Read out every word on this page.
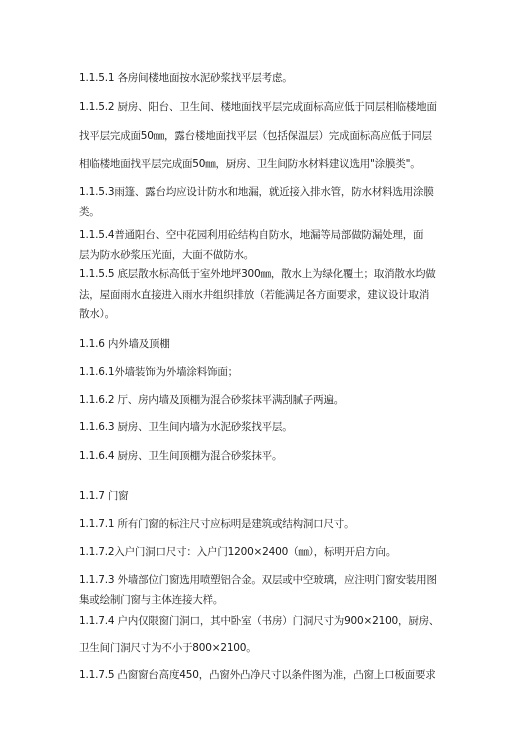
1.1.5.1 各房间楼地面按水泥砂浆找平层考虑。
1.1.5.2 厨房、阳台、卫生间、楼地面找平层完成面标高应低于同层相临楼地面
找平层完成面50㎜，露台楼地面找平层（包括保温层）完成面标高应低于同层
相临楼地面找平层完成面50㎜，厨房、卫生间防水材料建议选用"涂膜类"。
1.1.5.3雨篷、露台均应设计防水和地漏，就近接入排水管，防水材料选用涂膜
类。
1.1.5.4普通阳台、空中花园利用砼结构自防水，地漏等局部做防漏处理，面
层为防水砂浆压光面，大面不做防水。
1.1.5.5 底层散水标高低于室外地坪300㎜，散水上为绿化覆土；取消散水均做
法，屋面雨水直接进入雨水井组织排放（若能满足各方面要求，建议设计取消
散水）。
1.1.6 内外墙及顶棚
1.1.6.1外墙装饰为外墙涂料饰面；
1.1.6.2 厅、房内墙及顶棚为混合砂浆抹平满刮腻子两遍。
1.1.6.3 厨房、卫生间内墙为水泥砂浆找平层。
1.1.6.4 厨房、卫生间顶棚为混合砂浆抹平。
1.1.7 门窗
1.1.7.1 所有门窗的标注尺寸应标明是建筑或结构洞口尺寸。
1.1.7.2入户门洞口尺寸：入户门1200×2400（㎜），标明开启方向。
1.1.7.3 外墙部位门窗选用喷塑铝合金。双层或中空玻璃，应注明门窗安装用图
集或绘制门窗与主体连接大样。
1.1.7.4 户内仅限窗门洞口，其中卧室（书房）门洞尺寸为900×2100，厨房、
卫生间门洞尺寸为不小于800×2100。
1.1.7.5 凸窗窗台高度450，凸窗外凸净尺寸以条件图为准，凸窗上口板面要求
